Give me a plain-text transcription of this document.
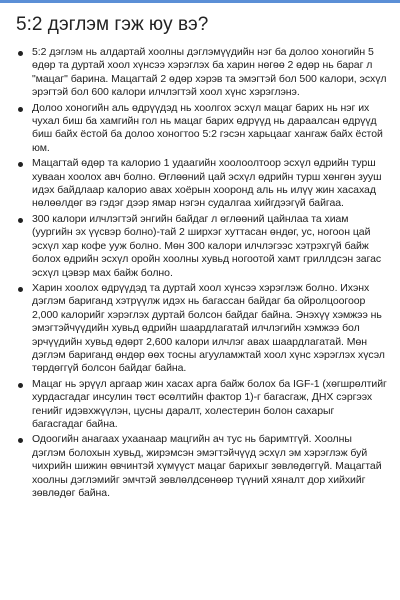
5:2 дэглэм гэж юу вэ?
5:2 дэглэм нь алдартай хоолны дэглэмүүдийн нэг ба долоо хоногийн 5 өдөр та дуртай хоол хүнсээ хэрэглэх ба харин нөгөө 2 өдөр нь бараг л "мацаг" барина. Мацагтай 2 өдөр хэрэв та эмэгтэй бол 500 калори, эсхүл эрэгтэй бол 600 калори илчлэгтэй хоол хүнс хэрэглэнэ.
Долоо хоногийн аль өдрүүдэд нь хоолгох эсхүл мацаг барих нь нэг их чухал биш ба хамгийн гол нь мацаг барих өдрүүд нь дараалсан өдрүүд биш байх ёстой ба долоо хоногтоо 5:2 гэсэн харьцааг хангаж байх ёстой юм.
Мацагтай өдөр та калорио 1 удаагийн хоолоолтоор эсхүл өдрийн турш хуваан хоолох авч болно. Өглөөний цай эсхүл өдрийн турш хөнгөн зууш идэх байдлаар калорио авах хоёрын хооронд аль нь илүү жин хасахад нөлөөлдөг вэ гэдэг дээр ямар нэгэн судалгаа хийгдээгүй байгаа.
300 калори илчлэгтэй энгийн байдаг л өглөөний цайнлаа та хиам (уургийн эх үүсвэр болно)-тай 2 ширхэг хуттасан өндөг, ус, ногоон цай эсхүл хар кофе ууж болно. Мөн 300 калори илчлэгээс хэтрэхгүй байж болох өдрийн эсхүл оройн хоолны хувьд ногоотой хамт гриллдсэн загас эсхүл цэвэр мах байж болно.
Харин хоолох өдрүүдэд та дуртай хоол хүнсээ хэрэглэж болно. Ихэнх дэглэм бариганд хэтрүүлж идэх нь багассан байдаг ба ойролцоогоор 2,000 калорийг хэрэглэх дуртай болсон байдаг байна. Энэхүү хэмжээ нь эмэгтэйчүүдийн хувьд өдрийн шаардлагатай илчлэгийн хэмжээ бол эрчүүдийн хувьд өдөрт 2,600 калори илчлэг авах шаардлагатай. Мөн дэглэм бариганд өндөр өөх тосны агууламжтай хоол хүнс хэрэглэх хүсэл төрдөггүй болсон байдаг байна.
Мацаг нь эрүүл аргаар жин хасах арга байж болох ба IGF-1 (хөгшрөлтийг хурдасгадаг инсулин төст өсөлтийн фактор 1)-г багасгаж, ДНХ сэргээх генийг идэвхжүүлэн, цусны даралт, холестерин болон сахарыг багасгадаг байна.
Одоогийн анагаах ухаанаар мацгийн ач тус нь баримтгүй. Хоолны дэглэм болохын хувьд, жирэмсэн эмэгтэйчүүд эсхүл эм хэрэглэж буй чихрийн шижин өвчинтэй хүмүүст мацаг барихыг зөвлөдөггүй. Мацагтай хоолны дэглэмийг эмчтэй зөвлөлдсөнөөр түүний хяналт дор хийхийг зөвлөдөг байна.
